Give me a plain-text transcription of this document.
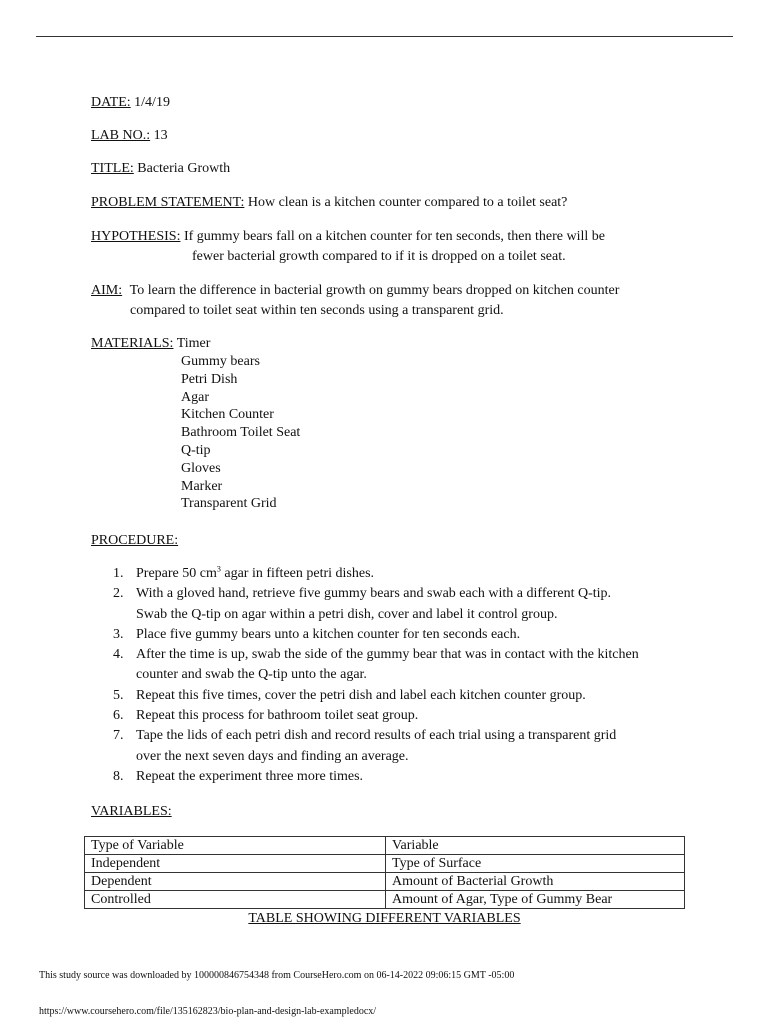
DATE: 1/4/19
LAB NO.: 13
TITLE: Bacteria Growth
PROBLEM STATEMENT: How clean is a kitchen counter compared to a toilet seat?
HYPOTHESIS: If gummy bears fall on a kitchen counter for ten seconds, then there will be
fewer bacterial growth compared to if it is dropped on a toilet seat.
AIM: To learn the difference in bacterial growth on gummy bears dropped on kitchen counter
compared to toilet seat within ten seconds using a transparent grid.
MATERIALS: Timer
Gummy bears
Petri Dish
Agar
Kitchen Counter
Bathroom Toilet Seat
Q-tip
Gloves
Marker
Transparent Grid
PROCEDURE:
1. Prepare 50 $cm^3$ agar in fifteen petri dishes.
2. With a gloved hand, retrieve five gummy bears and swab each with a different Q-tip.
Swab the Q-tip on agar within a petri dish, cover and label it control group.
3. Place five gummy bears unto a kitchen counter for ten seconds each.
4. After the time is up, swab the side of the gummy bear that was in contact with the kitchen
counter and swab the Q-tip unto the agar.
5. Repeat this five times, cover the petri dish and label each kitchen counter group.
6. Repeat this process for bathroom toilet seat group.
7. Tape the lids of each petri dish and record results of each trial using a transparent grid
over the next seven days and finding an average.
8. Repeat the experiment three more times.
VARIABLES:
Type of Variable	Variable
Independent	Type of Surface
Dependent	Amount of Bacterial Growth
Controlled	Amount of Agar, Type of Gummy Bear
TABLE SHOWING DIFFERENT VARIABLES
This study source was downloaded by 100000846754348 from CourseHero.com on 06-14-2022 09:06:15 GMT -05:00
https://www.coursehero.com/file/135162823/bio-plan-and-design-lab-exampledocx/
